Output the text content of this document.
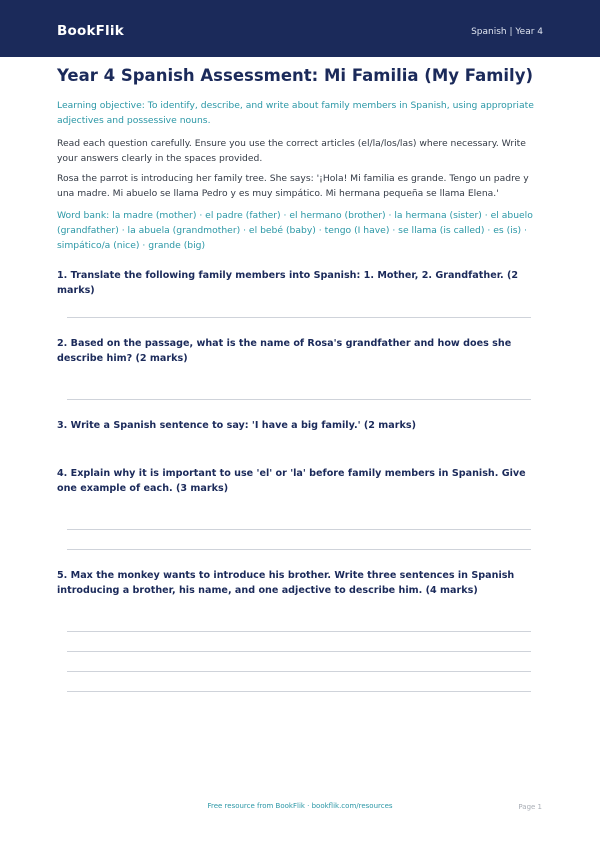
BookFlik	Spanish | Year 4
Year 4 Spanish Assessment: Mi Familia (My Family)

Learning objective: To identify, describe, and write about family members in Spanish, using appropriate adjectives and possessive nouns.

Read each question carefully. Ensure you use the correct articles (el/la/los/las) where necessary. Write your answers clearly in the spaces provided.

Rosa the parrot is introducing her family tree. She says: '¡Hola! Mi familia es grande. Tengo un padre y una madre. Mi abuelo se llama Pedro y es muy simpático. Mi hermana pequeña se llama Elena.'

Word bank: la madre (mother) · el padre (father) · el hermano (brother) · la hermana (sister) · el abuelo (grandfather) · la abuela (grandmother) · el bebé (baby) · tengo (I have) · se llama (is called) · es (is) · simpático/a (nice) · grande (big)

1. Translate the following family members into Spanish: 1. Mother, 2. Grandfather. (2 marks)

2. Based on the passage, what is the name of Rosa's grandfather and how does she describe him? (2 marks)

3. Write a Spanish sentence to say: 'I have a big family.' (2 marks)

4. Explain why it is important to use 'el' or 'la' before family members in Spanish. Give one example of each. (3 marks)

5. Max the monkey wants to introduce his brother. Write three sentences in Spanish introducing a brother, his name, and one adjective to describe him. (4 marks)

Free resource from BookFlik · bookflik.com/resources	Page 1
